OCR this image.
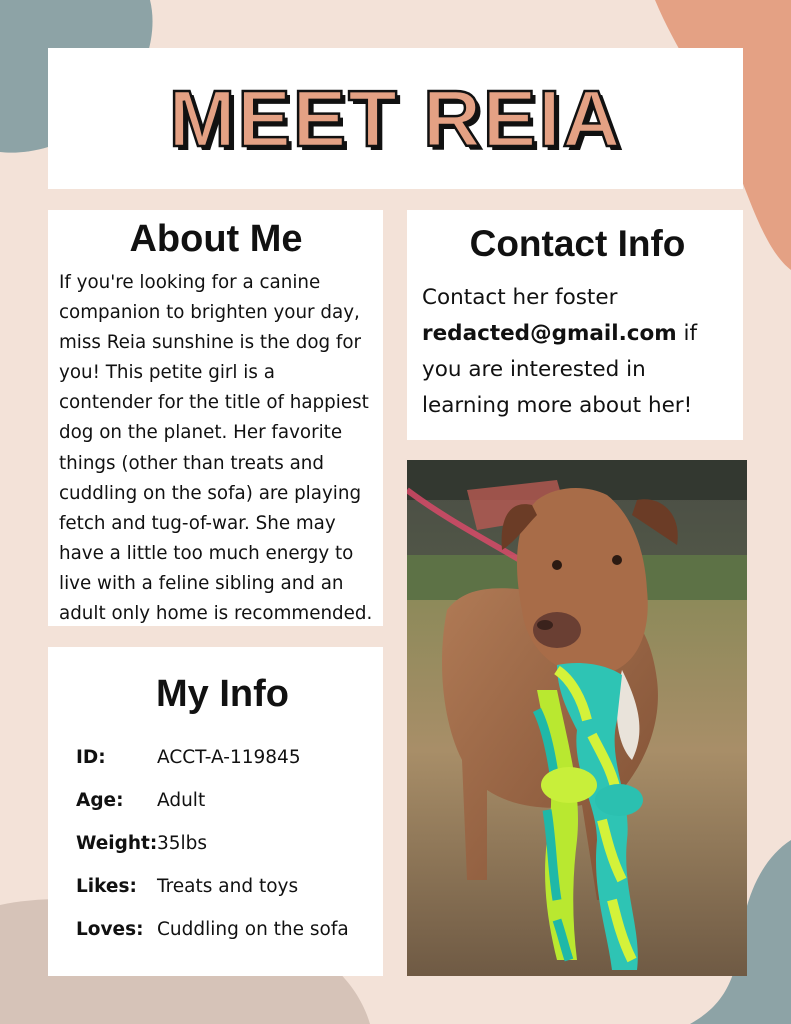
MEET REIA
About Me
If you're looking for a canine companion to brighten your day, miss Reia sunshine is the dog for you! This petite girl is a contender for the title of happiest dog on the planet. Her favorite things (other than treats and cuddling on the sofa) are playing fetch and tug-of-war. She may have a little too much energy to live with a feline sibling and an adult only home is recommended.
Contact Info
Contact her foster redacted@gmail.com if you are interested in learning more about her!
My Info
ID:	ACCT-A-119845
Age:	Adult
Weight: 35lbs
Likes:	Treats and toys
Loves: Cuddling on the sofa
